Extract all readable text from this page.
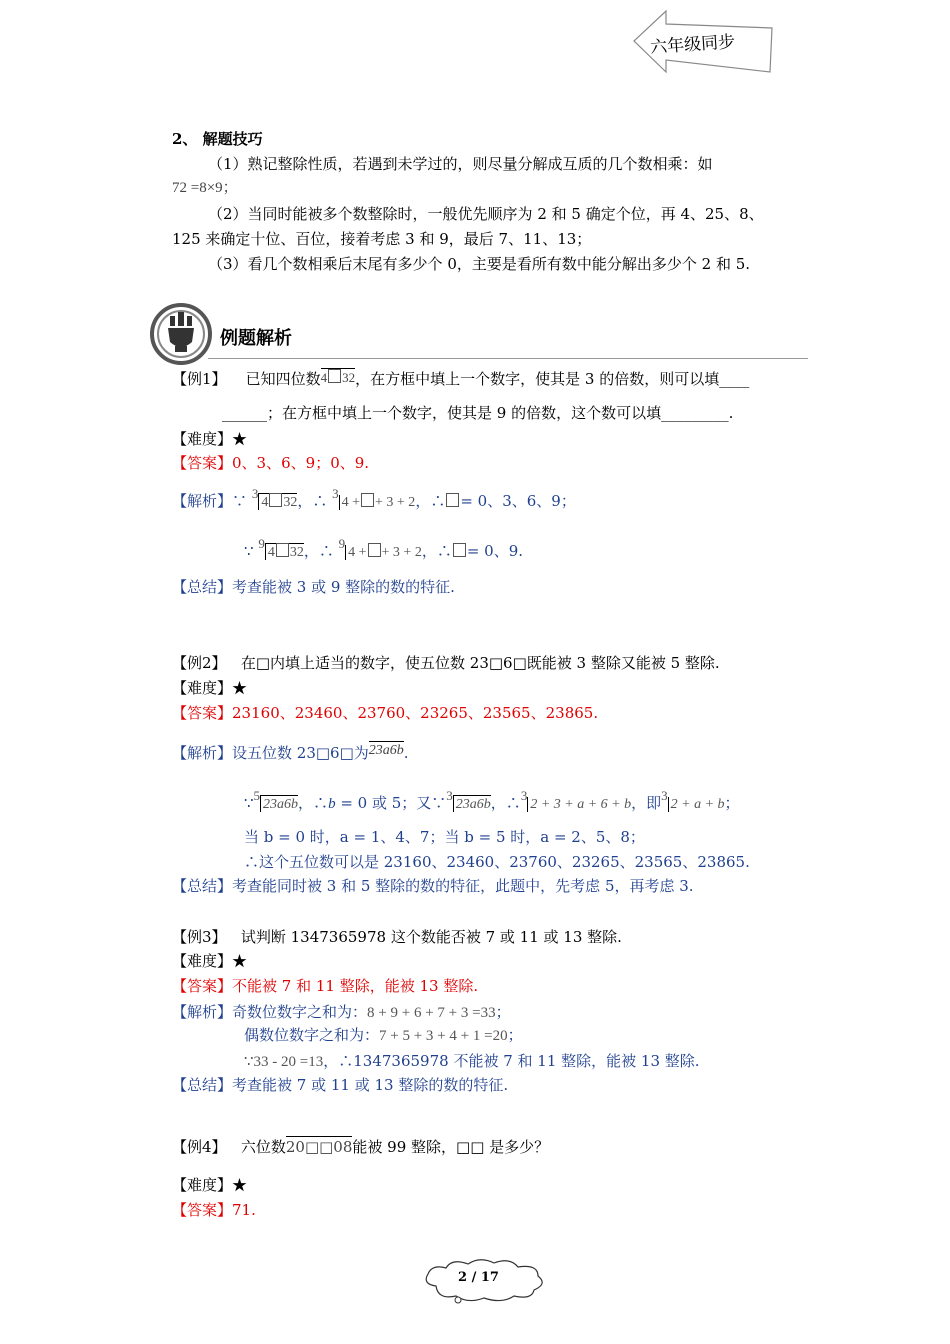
六年级同步
2、 解题技巧
（1）熟记整除性质，若遇到未学过的，则尽量分解成互质的几个数相乘：如
72 =8×9；
（2）当同时能被多个数整除时，一般优先顺序为 2 和 5 确定个位，再 4、25、8、
125 来确定十位、百位，接着考虑 3 和 9，最后 7、11、13；
（3）看几个数相乘后末尾有多少个 0，主要是看所有数中能分解出多少个 2 和 5.
例题解析
【例1】 已知四位数4 32，在方框中填上一个数字，使其是 3 的倍数，则可以填____
______；在方框中填上一个数字，使其是 9 的倍数，这个数可以填_________.
【难度】★
【答案】0、3、6、9；0、9.
【解析】∵ 34 32，∴ 34 + + 3 + 2，∴ = 0、3、6、9；
∵ 94 32，∴ 94 + + 3 + 2，∴ = 0、9.
【总结】考查能被 3 或 9 整除的数的特征.
【例2】 在□内填上适当的数字，使五位数 23□6□既能被 3 整除又能被 5 整除.
【难度】★
【答案】23160、23460、23760、23265、23565、23865.
【解析】设五位数 23□6□为23a6b.
∵523a6b，∴b = 0 或 5；又∵323a6b，∴32 + 3 + a + 6 + b，即32 + a + b；
当 b = 0 时，a = 1、4、7；当 b = 5 时，a = 2、5、8；
∴这个五位数可以是 23160、23460、23760、23265、23565、23865.
【总结】考查能同时被 3 和 5 整除的数的特征，此题中，先考虑 5，再考虑 3.
【例3】 试判断 1347365978 这个数能否被 7 或 11 或 13 整除.
【难度】★
【答案】不能被 7 和 11 整除，能被 13 整除.
【解析】奇数位数字之和为：8 + 9 + 6 + 7 + 3 =33；
偶数位数字之和为：7 + 5 + 3 + 4 + 1 =20；
∵33 - 20 =13，∴1347365978 不能被 7 和 11 整除，能被 13 整除.
【总结】考查能被 7 或 11 或 13 整除的数的特征.
【例4】 六位数20□□08能被 99 整除，□□ 是多少？
【难度】★
【答案】71.
2 / 17
